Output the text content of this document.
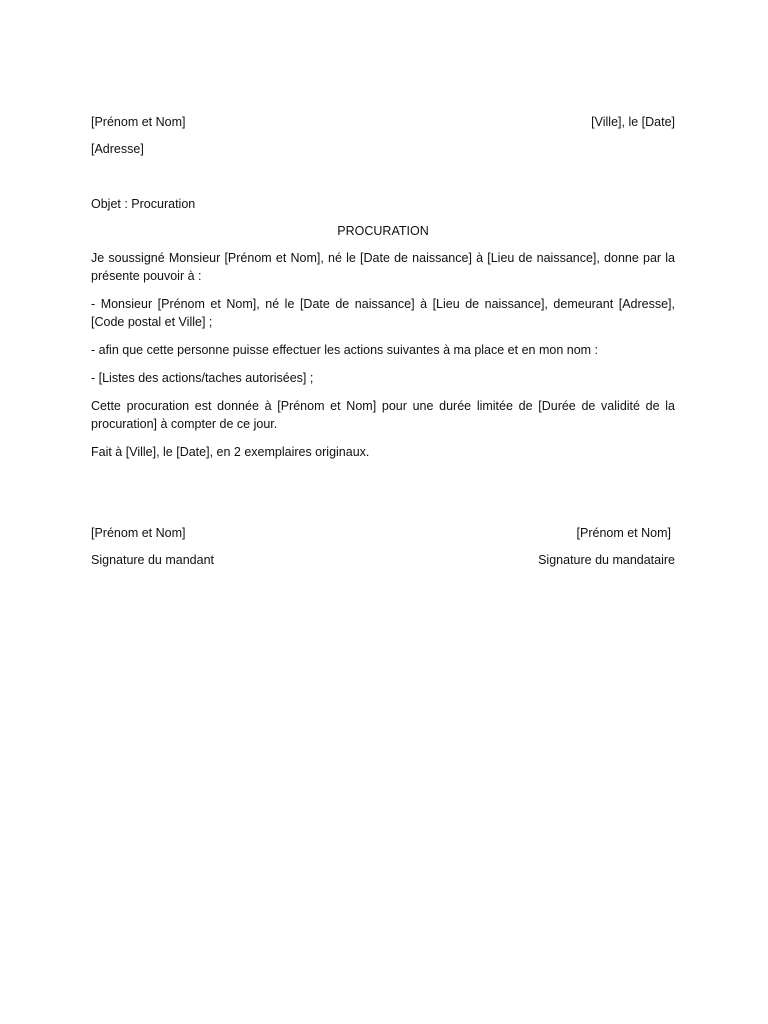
[Prénom et Nom]	[Ville], le [Date]
[Adresse]
Objet : Procuration
PROCURATION

Je soussigné Monsieur [Prénom et Nom], né le [Date de naissance] à [Lieu de naissance], donne par la présente pouvoir à :

- Monsieur [Prénom et Nom], né le [Date de naissance] à [Lieu de naissance], demeurant [Adresse], [Code postal et Ville] ;

- afin que cette personne puisse effectuer les actions suivantes à ma place et en mon nom :

- [Listes des actions/taches autorisées] ;

Cette procuration est donnée à [Prénom et Nom] pour une durée limitée de [Durée de validité de la procuration] à compter de ce jour.

Fait à [Ville], le [Date], en 2 exemplaires originaux.

[Prénom et Nom]	[Prénom et Nom]
Signature du mandant	Signature du mandataire
